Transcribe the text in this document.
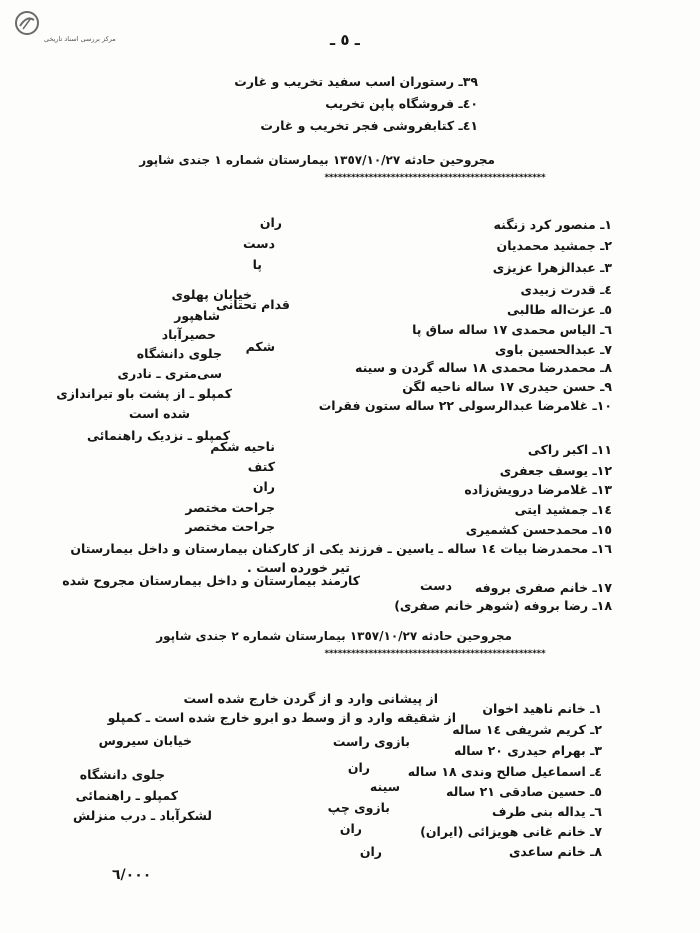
مرکز بررسی اسناد تاریخی	ـ ٥ ـ
٣٩ـ رستوران اسب سفید تخریب و غارت
٤٠ـ فروشگاه پاپن تخریب
٤١ـ کتابفروشی فجر تخریب و غارت
مجروحین حادثه ١٣٥٧/١٠/٢٧ بیمارستان شماره ١ جندی شاپور
**************************************************
١ـ منصور کرد زنگنه
٢ـ جمشید محمدیان
٣ـ عبدالزهرا عزیزی
٤ـ قدرت زبیدی
٥ـ عزت‌اله طالبی
٦ـ الیاس محمدی ١٧ ساله ساق پا
٧ـ عبدالحسین باوی
٨ـ محمدرضا محمدی ١٨ ساله گردن و سینه
٩ـ حسن حیدری ١٧ ساله ناحیه لگن
١٠ـ غلامرضا عبدالرسولی ٢٢ ساله ستون فقرات
١١ـ اکبر راکی
١٢ـ یوسف جعفری
١٣ـ غلامرضا درویش‌زاده
١٤ـ جمشید ایتی
١٥ـ محمدحسن کشمیری
ران
دست
پا
قدام تحتانی
شکم
ناحیه شکم
کتف
ران
جراحت مختصر
جراحت مختصر
خیابان پهلوی
شاهپور
حصیرآباد
جلوی دانشگاه
سی‌متری ـ نادری
کمپلو ـ از پشت باو تیراندازی
شده است
کمپلو ـ نزدیک راهنمائی
١٦ـ محمدرضا بیات ١٤ ساله ـ یاسین ـ فرزند یکی از کارکنان بیمارستان و داخل بیمارستان
تیر خورده است .
١٧ـ خانم صفری بروفه
دست
کارمند بیمارستان و داخل بیمارستان مجروح شده
١٨ـ رضا بروفه (شوهر خانم صفری)
مجروحین حادثه ١٣٥٧/١٠/٢٧ بیمارستان شماره ٢ جندی شاپور
**************************************************
١ـ خانم ناهید اخوان
٢ـ کریم شریفی ١٤ ساله
٣ـ بهرام حیدری ٢٠ ساله
٤ـ اسماعیل صالح وندی ١٨ ساله
٥ـ حسین صادقی ٢١ ساله
٦ـ یداله بنی طرف
٧ـ خانم غانی هویزائی (ایران)
٨ـ خانم ساعدی
از پیشانی وارد و از گردن خارج شده است
از شقیقه وارد و از وسط دو ابرو خارج شده است ـ کمپلو
بازوی راست
ران
سینه
بازوی چپ
ران
ران
خیابان سیروس
جلوی دانشگاه
کمپلو ـ راهنمائی
لشکرآباد ـ درب منزلش
٦/٠٠٠
